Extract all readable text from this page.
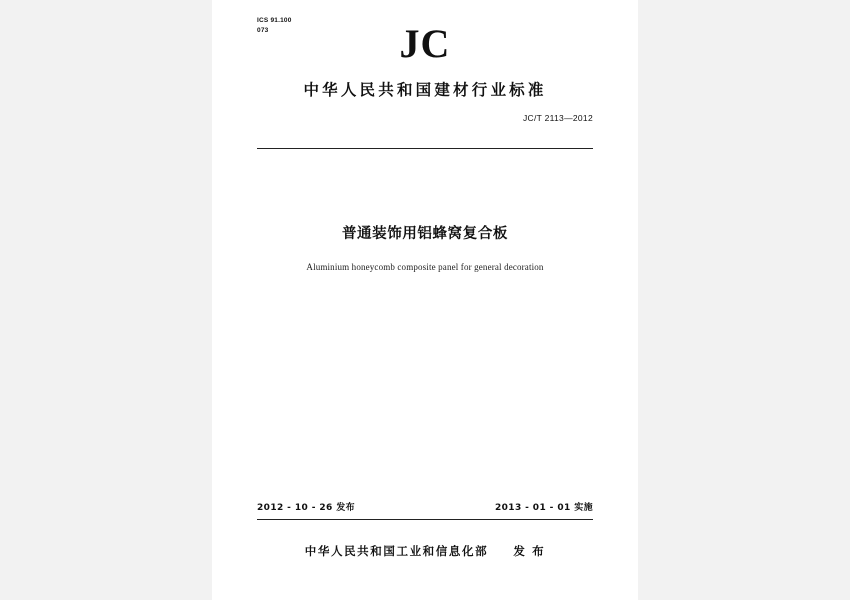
ICS 91.100
073	JC
中华人民共和国建材行业标准
JC/T 2113—2012
普通装饰用铝蜂窝复合板
Aluminium honeycomb composite panel for general decoration
2012 - 10 - 26 发布	2013 - 01 - 01 实施
中华人民共和国工业和信息化部 发 布
